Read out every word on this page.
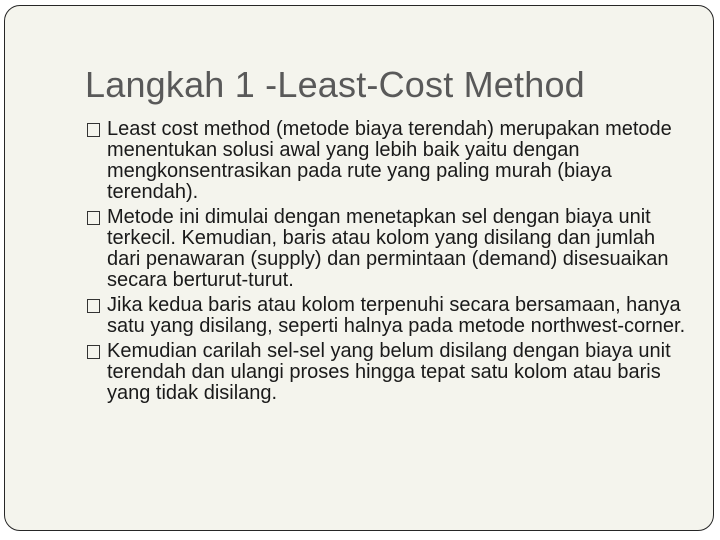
Langkah 1 -Least-Cost Method
Least cost method (metode biaya terendah) merupakan metode menentukan solusi awal yang lebih baik yaitu dengan mengkonsentrasikan pada rute yang paling murah (biaya terendah).
Metode ini dimulai dengan menetapkan sel dengan biaya unit terkecil. Kemudian, baris atau kolom yang disilang dan jumlah dari penawaran (supply) dan permintaan (demand) disesuaikan secara berturut-turut.
Jika kedua baris atau kolom terpenuhi secara bersamaan, hanya satu yang disilang, seperti halnya pada metode northwest-corner.
Kemudian carilah sel-sel yang belum disilang dengan biaya unit terendah dan ulangi proses hingga tepat satu kolom atau baris yang tidak disilang.
